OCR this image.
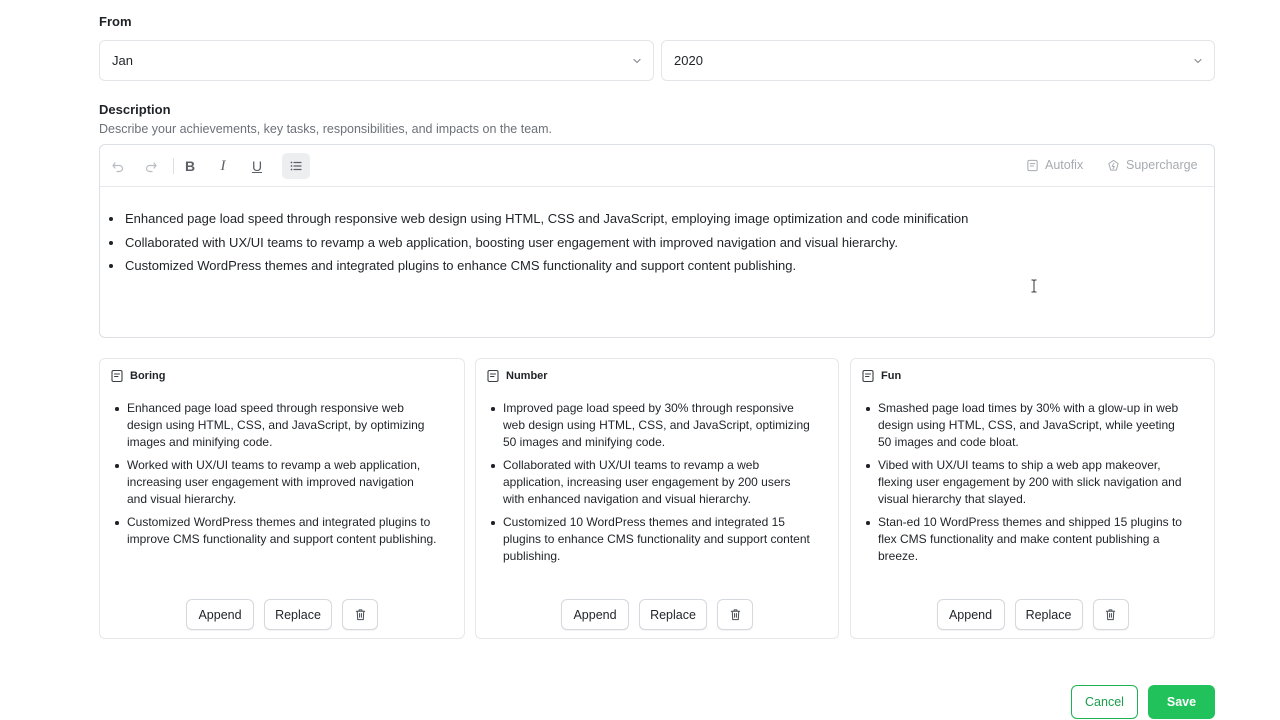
From
Jan	2020
Description
Describe your achievements, key tasks, responsibilities, and impacts on the team.
B I U	Autofix	Supercharge
Enhanced page load speed through responsive web design using HTML, CSS and JavaScript, employing image optimization and code minification
Collaborated with UX/UI teams to revamp a web application, boosting user engagement with improved navigation and visual hierarchy.
Customized WordPress themes and integrated plugins to enhance CMS functionality and support content publishing.
Boring
Enhanced page load speed through responsive web design using HTML, CSS, and JavaScript, by optimizing images and minifying code.
Worked with UX/UI teams to revamp a web application, increasing user engagement with improved navigation and visual hierarchy.
Customized WordPress themes and integrated plugins to improve CMS functionality and support content publishing.
Append	Replace
Number
Improved page load speed by 30% through responsive web design using HTML, CSS, and JavaScript, optimizing 50 images and minifying code.
Collaborated with UX/UI teams to revamp a web application, increasing user engagement by 200 users with enhanced navigation and visual hierarchy.
Customized 10 WordPress themes and integrated 15 plugins to enhance CMS functionality and support content publishing.
Append	Replace
Fun
Smashed page load times by 30% with a glow-up in web design using HTML, CSS, and JavaScript, while yeeting 50 images and code bloat.
Vibed with UX/UI teams to ship a web app makeover, flexing user engagement by 200 with slick navigation and visual hierarchy that slayed.
Stan-ed 10 WordPress themes and shipped 15 plugins to flex CMS functionality and make content publishing a breeze.
Append	Replace
Cancel	Save
